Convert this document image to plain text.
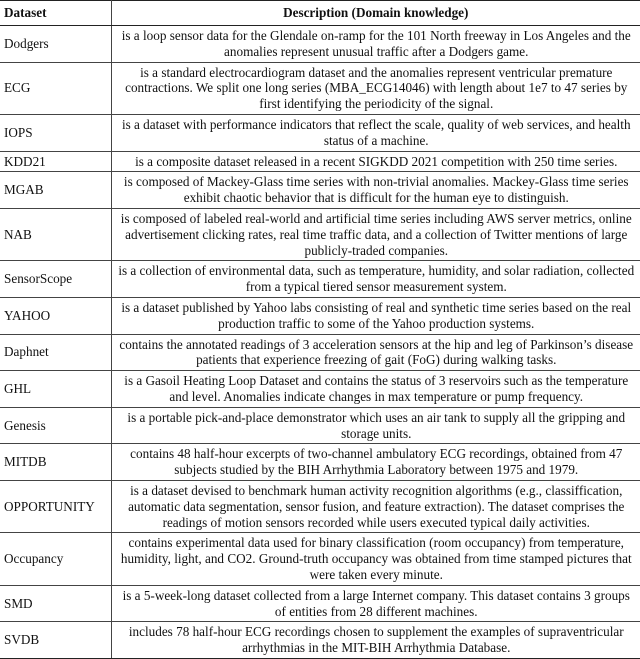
Dataset	Description (Domain knowledge)
Dodgers	is a loop sensor data for the Glendale on-ramp for the 101 North freeway in Los Angeles and the anomalies represent unusual traffic after a Dodgers game.
ECG	is a standard electrocardiogram dataset and the anomalies represent ventricular premature contractions. We split one long series (MBA_ECG14046) with length about 1e7 to 47 series by first identifying the periodicity of the signal.
IOPS	is a dataset with performance indicators that reflect the scale, quality of web services, and health status of a machine.
KDD21	is a composite dataset released in a recent SIGKDD 2021 competition with 250 time series.
MGAB	is composed of Mackey-Glass time series with non-trivial anomalies. Mackey-Glass time series exhibit chaotic behavior that is difficult for the human eye to distinguish.
NAB	is composed of labeled real-world and artificial time series including AWS server metrics, online advertisement clicking rates, real time traffic data, and a collection of Twitter mentions of large publicly-traded companies.
SensorScope	is a collection of environmental data, such as temperature, humidity, and solar radiation, collected from a typical tiered sensor measurement system.
YAHOO	is a dataset published by Yahoo labs consisting of real and synthetic time series based on the real production traffic to some of the Yahoo production systems.
Daphnet	contains the annotated readings of 3 acceleration sensors at the hip and leg of Parkinson’s disease patients that experience freezing of gait (FoG) during walking tasks.
GHL	is a Gasoil Heating Loop Dataset and contains the status of 3 reservoirs such as the temperature and level. Anomalies indicate changes in max temperature or pump frequency.
Genesis	is a portable pick-and-place demonstrator which uses an air tank to supply all the gripping and storage units.
MITDB	contains 48 half-hour excerpts of two-channel ambulatory ECG recordings, obtained from 47 subjects studied by the BIH Arrhythmia Laboratory between 1975 and 1979.
OPPORTUNITY	is a dataset devised to benchmark human activity recognition algorithms (e.g., classiffication, automatic data segmentation, sensor fusion, and feature extraction). The dataset comprises the readings of motion sensors recorded while users executed typical daily activities.
Occupancy	contains experimental data used for binary classification (room occupancy) from temperature, humidity, light, and CO2. Ground-truth occupancy was obtained from time stamped pictures that were taken every minute.
SMD	is a 5-week-long dataset collected from a large Internet company. This dataset contains 3 groups of entities from 28 different machines.
SVDB	includes 78 half-hour ECG recordings chosen to supplement the examples of supraventricular arrhythmias in the MIT-BIH Arrhythmia Database.
